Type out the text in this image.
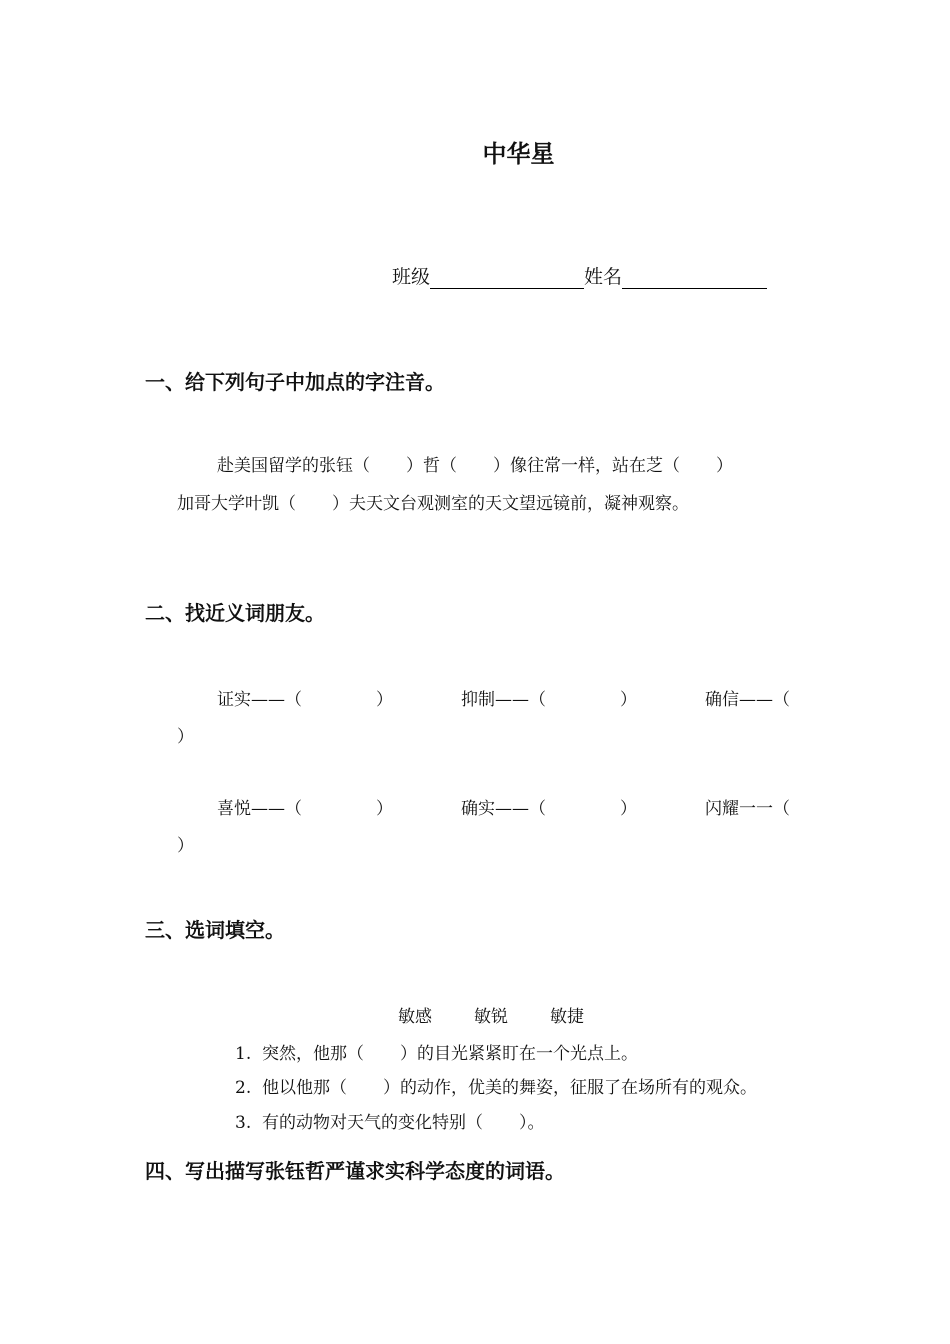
中华星
班级	姓名
一、给下列句子中加点的字注音。
赴美国留学的张钰（ ）哲（ ）像往常一样，站在芝（ ）
加哥大学叶凯（ ）夫天文台观测室的天文望远镜前，凝神观察。
二、找近义词朋友。
证实——（	）	抑制——（	）	确信——（
）
喜悦——（	）	确实——（	）	闪耀一一（
）
三、选词填空。
敏感 敏锐 敏捷
1. 突然，他那（ ）的目光紧紧盯在一个光点上。
2. 他以他那（ ）的动作，优美的舞姿，征服了在场所有的观众。
3. 有的动物对天气的变化特别（ ）。
四、写出描写张钰哲严谨求实科学态度的词语。
